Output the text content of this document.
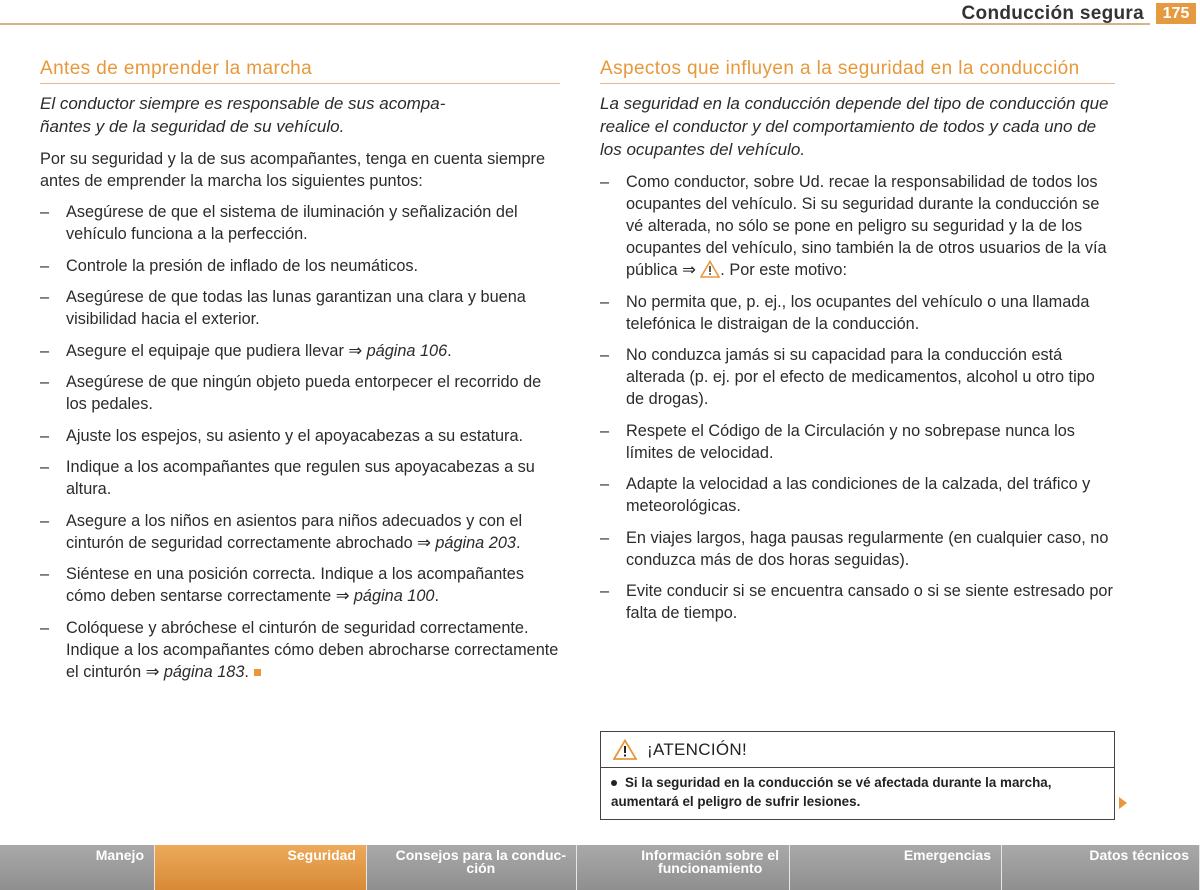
Conducción segura	175
Antes de emprender la marcha
El conductor siempre es responsable de sus acompa-
ñantes y de la seguridad de su vehículo.
Por su seguridad y la de sus acompañantes, tenga en cuenta siempre antes de emprender la marcha los siguientes puntos:
– Asegúrese de que el sistema de iluminación y señalización del vehículo funciona a la perfección.
– Controle la presión de inflado de los neumáticos.
– Asegúrese de que todas las lunas garantizan una clara y buena visibilidad hacia el exterior.
– Asegure el equipaje que pudiera llevar ⇒ página 106.
– Asegúrese de que ningún objeto pueda entorpecer el recorrido de los pedales.
– Ajuste los espejos, su asiento y el apoyacabezas a su estatura.
– Indique a los acompañantes que regulen sus apoyacabezas a su altura.
– Asegure a los niños en asientos para niños adecuados y con el cinturón de seguridad correctamente abrochado ⇒ página 203.
– Siéntese en una posición correcta. Indique a los acompañantes cómo deben sentarse correctamente ⇒ página 100.
– Colóquese y abróchese el cinturón de seguridad correctamente. Indique a los acompañantes cómo deben abrocharse correctamente el cinturón ⇒ página 183.
Aspectos que influyen a la seguridad en la conducción
La seguridad en la conducción depende del tipo de conducción que realice el conductor y del comportamiento de todos y cada uno de los ocupantes del vehículo.
– Como conductor, sobre Ud. recae la responsabilidad de todos los ocupantes del vehículo. Si su seguridad durante la conducción se vé alterada, no sólo se pone en peligro su seguridad y la de los ocupantes del vehículo, sino también la de otros usuarios de la vía pública ⇒ . Por este motivo:
– No permita que, p. ej., los ocupantes del vehículo o una llamada telefónica le distraigan de la conducción.
– No conduzca jamás si su capacidad para la conducción está alterada (p. ej. por el efecto de medicamentos, alcohol u otro tipo de drogas).
– Respete el Código de la Circulación y no sobrepase nunca los límites de velocidad.
– Adapte la velocidad a las condiciones de la calzada, del tráfico y meteorológicas.
– En viajes largos, haga pausas regularmente (en cualquier caso, no conduzca más de dos horas seguidas).
– Evite conducir si se encuentra cansado o si se siente estresado por falta de tiempo.
¡ATENCIÓN!
Si la seguridad en la conducción se vé afectada durante la marcha, aumentará el peligro de sufrir lesiones.
Manejo	Seguridad	Consejos para la conduc-
ción
Información sobre el
funcionamiento
Emergencias	Datos técnicos
